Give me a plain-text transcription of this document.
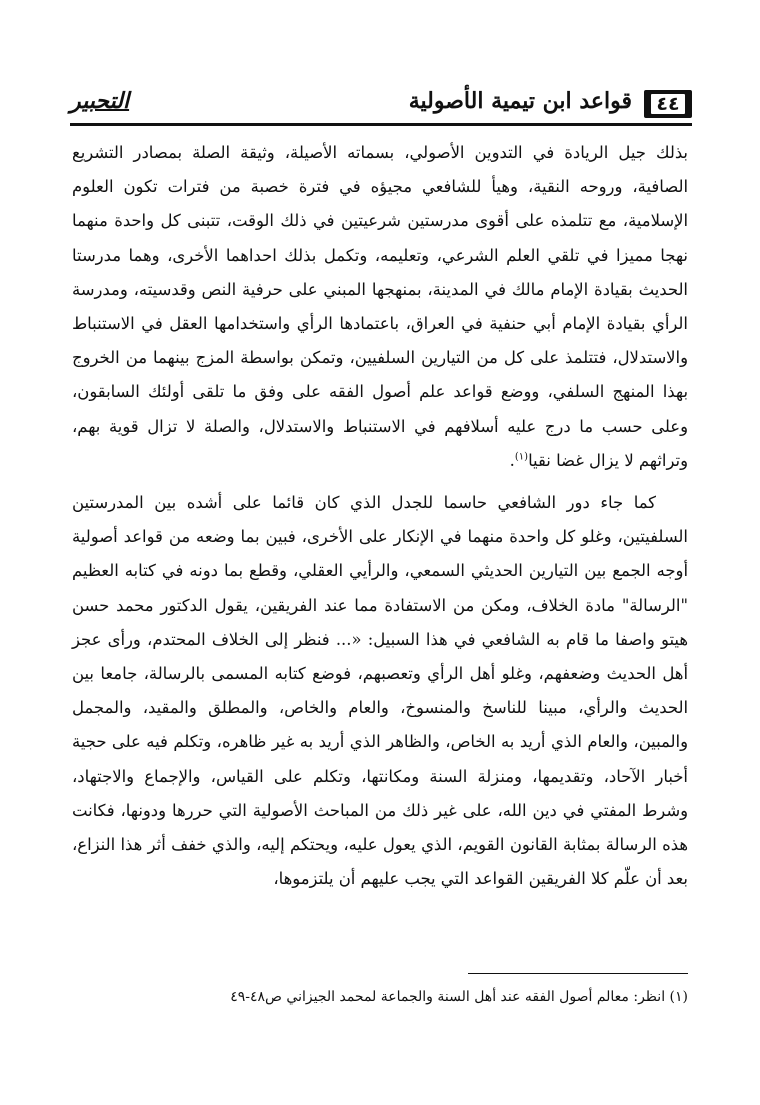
٤٤
قواعد ابن تيمية الأصولية
التحبير

بذلك جيل الريادة في التدوين الأصولي، بسماته الأصيلة، وثيقة الصلة بمصادر التشريع الصافية، وروحه النقية، وهيأ للشافعي مجيؤه في فترة خصبة من فترات تكون العلوم الإسلامية، مع تتلمذه على أقوى مدرستين شرعيتين في ذلك الوقت، تتبنى كل واحدة منهما نهجا مميزا في تلقي العلم الشرعي، وتعليمه، وتكمل بذلك احداهما الأخرى، وهما مدرستا الحديث بقيادة الإمام مالك في المدينة، بمنهجها المبني على حرفية النص وقدسيته، ومدرسة الرأي بقيادة الإمام أبي حنفية في العراق، باعتمادها الرأي واستخدامها العقل في الاستنباط والاستدلال، فتتلمذ على كل من التيارين السلفيين، وتمكن بواسطة المزج بينهما من الخروج بهذا المنهج السلفي، ووضع قواعد علم أصول الفقه على وفق ما تلقى أولئك السابقون، وعلى حسب ما درج عليه أسلافهم في الاستنباط والاستدلال، والصلة لا تزال قوية بهم، وتراثهم لا يزال غضا نقيا$^{(١)}$.

كما جاء دور الشافعي حاسما للجدل الذي كان قائما على أشده بين المدرستين السلفيتين، وغلو كل واحدة منهما في الإنكار على الأخرى، فبين بما وضعه من قواعد أصولية أوجه الجمع بين التيارين الحديثي السمعي، والرأيي العقلي، وقطع بما دونه في كتابه العظيم "الرسالة" مادة الخلاف، ومكن من الاستفادة مما عند الفريقين، يقول الدكتور محمد حسن هيتو واصفا ما قام به الشافعي في هذا السبيل: «... فنظر إلى الخلاف المحتدم، ورأى عجز أهل الحديث وضعفهم، وغلو أهل الرأي وتعصبهم، فوضع كتابه المسمى بالرسالة، جامعا بين الحديث والرأي، مبينا للناسخ والمنسوخ، والعام والخاص، والمطلق والمقيد، والمجمل والمبين، والعام الذي أريد به الخاص، والظاهر الذي أريد به غير ظاهره، وتكلم فيه على حجية أخبار الآحاد، وتقديمها، ومنزلة السنة ومكانتها، وتكلم على القياس، والإجماع والاجتهاد، وشرط المفتي في دين الله، على غير ذلك من المباحث الأصولية التي حررها ودونها، فكانت هذه الرسالة بمثابة القانون القويم، الذي يعول عليه، ويحتكم إليه، والذي خفف أثر هذا النزاع، بعد أن علّم كلا الفريقين القواعد التي يجب عليهم أن يلتزموها،

(١) انظر: معالم أصول الفقه عند أهل السنة والجماعة لمحمد الجيزاني ص٤٨-٤٩
